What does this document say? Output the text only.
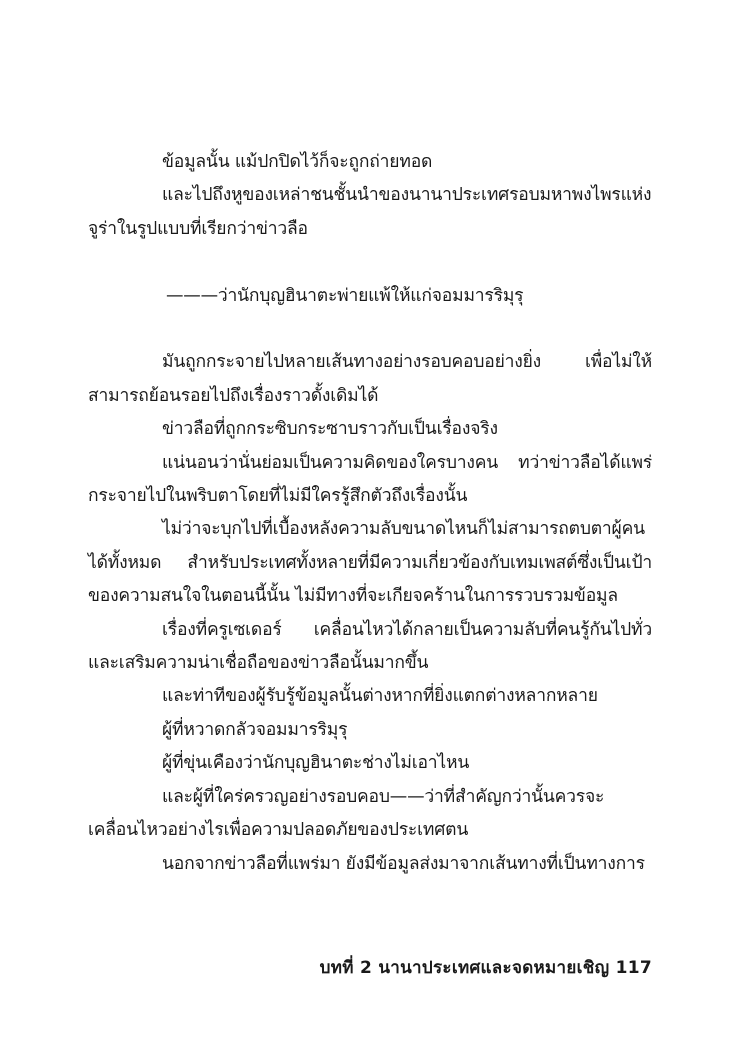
ข้อมูลนั้น แม้ปกปิดไว้ก็จะถูกถ่ายทอด

และไปถึงหูของเหล่าชนชั้นนำของนานาประเทศรอบมหาพงไพรแห่งจูร่าในรูปแบบที่เรียกว่าข่าวลือ

———ว่านักบุญฮินาตะพ่ายแพ้ให้แก่จอมมารริมุรุ

มันถูกกระจายไปหลายเส้นทางอย่างรอบคอบอย่างยิ่ง เพื่อไม่ให้สามารถย้อนรอยไปถึงเรื่องราวดั้งเดิมได้

ข่าวลือที่ถูกกระซิบกระซาบราวกับเป็นเรื่องจริง

แน่นอนว่านั่นย่อมเป็นความคิดของใครบางคน ทว่าข่าวลือได้แพร่กระจายไปในพริบตาโดยที่ไม่มีใครรู้สึกตัวถึงเรื่องนั้น

ไม่ว่าจะบุกไปที่เบื้องหลังความลับขนาดไหนก็ไม่สามารถตบตาผู้คนได้ทั้งหมด สำหรับประเทศทั้งหลายที่มีความเกี่ยวข้องกับเทมเพสต์ซึ่งเป็นเป้าของความสนใจในตอนนี้นั้น ไม่มีทางที่จะเกียจคร้านในการรวบรวมข้อมูล

เรื่องที่ครูเซเดอร์ เคลื่อนไหวได้กลายเป็นความลับที่คนรู้กันไปทั่วและเสริมความน่าเชื่อถือของข่าวลือนั้นมากขึ้น

และท่าทีของผู้รับรู้ข้อมูลนั้นต่างหากที่ยิ่งแตกต่างหลากหลาย

ผู้ที่หวาดกลัวจอมมารริมุรุ

ผู้ที่ขุ่นเคืองว่านักบุญฮินาตะช่างไม่เอาไหน

และผู้ที่ใคร่ครวญอย่างรอบคอบ——ว่าที่สำคัญกว่านั้นควรจะเคลื่อนไหวอย่างไรเพื่อความปลอดภัยของประเทศตน

นอกจากข่าวลือที่แพร่มา ยังมีข้อมูลส่งมาจากเส้นทางที่เป็นทางการ

บทที่ 2 นานาประเทศและจดหมายเชิญ 117
